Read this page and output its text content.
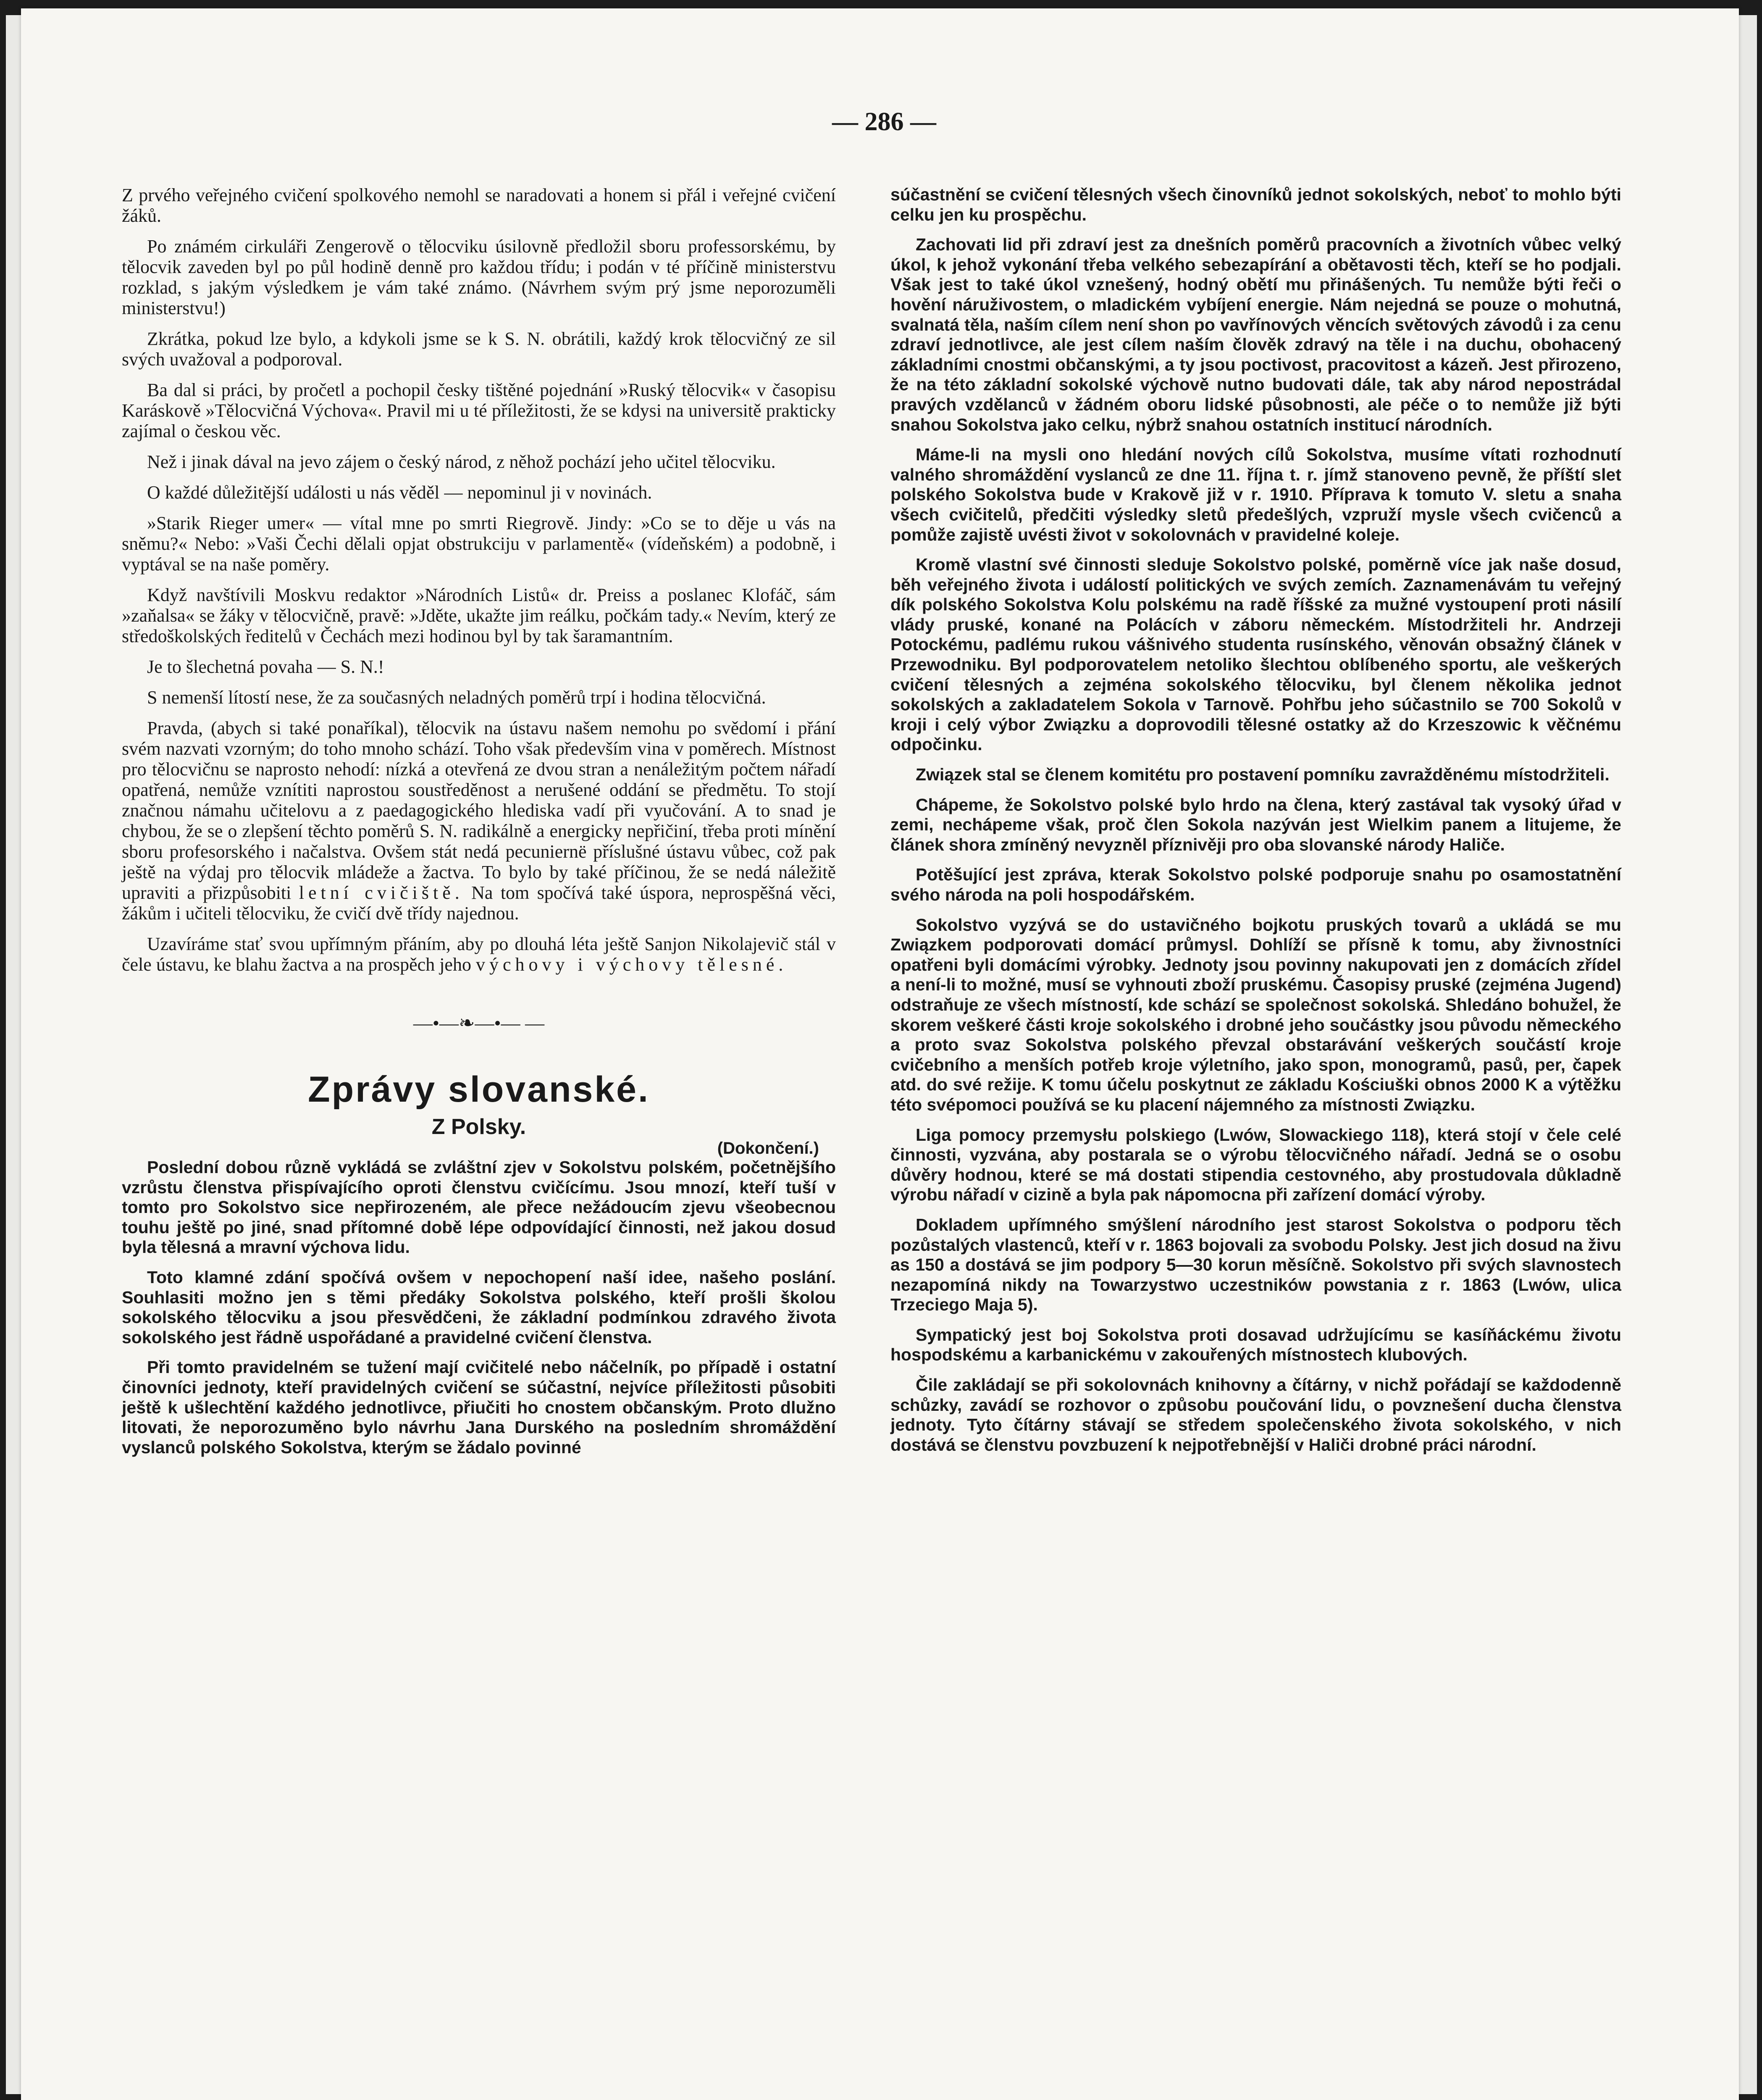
— 286 —

Z prvého veřejného cvičení spolkového nemohl se naradovati a honem si přál i veřejné cvičení žáků.

Po známém cirkuláři Zengerově o tělocviku úsilovně předložil sboru professorskému, by tělocvik zaveden byl po půl hodině denně pro každou třídu; i podán v té příčině ministerstvu rozklad, s jakým výsledkem je vám také známo. (Návrhem svým prý jsme neporozuměli ministerstvu!)

Zkrátka, pokud lze bylo, a kdykoli jsme se k S. N. obrátili, každý krok tělocvičný ze sil svých uvažoval a podporoval.

Ba dal si práci, by pročetl a pochopil česky tištěné pojednání »Ruský tělocvik« v časopisu Karáskově »Tělocvičná Výchova«. Pravil mi u té příležitosti, že se kdysi na universitě prakticky zajímal o českou věc.

Než i jinak dával na jevo zájem o český národ, z něhož pochází jeho učitel tělocviku.

O každé důležitější události u nás věděl — nepominul ji v novinách.

»Starik Rieger umer« — vítal mne po smrti Riegrově. Jindy: »Co se to děje u vás na sněmu?« Nebo: »Vaši Čechi dělali opjat obstrukciju v parlamentě« (vídeňském) a podobně, i vyptával se na naše poměry.

Když navštívili Moskvu redaktor »Národních Listů« dr. Preiss a poslanec Klofáč, sám »zaňalsa« se žáky v tělocvičně, pravě: »Jděte, ukažte jim reálku, počkám tady.« Nevím, který ze středoškolských ředitelů v Čechách mezi hodinou byl by tak šaramantním.

Je to šlechetná povaha — S. N.!

S nemenší lítostí nese, že za současných neladných poměrů trpí i hodina tělocvičná.

Pravda, (abych si také ponaříkal), tělocvik na ústavu našem nemohu po svědomí i přání svém nazvati vzorným; do toho mnoho schází. Toho však především vina v poměrech. Místnost pro tělocvičnu se naprosto nehodí: nízká a otevřená ze dvou stran a nenáležitým počtem nářadí opatřená, nemůže vznítiti naprostou soustředěnost a nerušené oddání se předmětu. To stojí značnou námahu učitelovu a z paedagogického hlediska vadí při vyučování. A to snad je chybou, že se o zlepšení těchto poměrů S. N. radikálně a energicky nepřičiní, třeba proti mínění sboru profesorského i načalstva. Ovšem stát nedá pecuniernë příslušné ústavu vůbec, což pak ještě na výdaj pro tělocvik mládeže a žactva. To bylo by také příčinou, že se nedá náležitě upraviti a přizpůsobiti letní cvičiště. Na tom spočívá také úspora, neprospěšná věci, žákům i učiteli tělocviku, že cvičí dvě třídy najednou.

Uzavíráme stať svou upřímným přáním, aby po dlouhá léta ještě Sanjon Nikolajevič stál v čele ústavu, ke blahu žactva a na prospěch jeho výchovy i výchovy tělesné.

—•—❧—•— —
Zprávy slovanské.
Z Polsky.
(Dokončení.)

Poslední dobou různě vykládá se zvláštní zjev v Sokolstvu polském, početnějšího vzrůstu členstva přispívajícího oproti členstvu cvičícímu. Jsou mnozí, kteří tuší v tomto pro Sokolstvo sice nepřirozeném, ale přece nežádoucím zjevu všeobecnou touhu ještě po jiné, snad přítomné době lépe odpovídající činnosti, než jakou dosud byla tělesná a mravní výchova lidu.

Toto klamné zdání spočívá ovšem v nepochopení naší idee, našeho poslání. Souhlasiti možno jen s těmi předáky Sokolstva polského, kteří prošli školou sokolského tělocviku a jsou přesvědčeni, že základní podmínkou zdravého života sokolského jest řádně uspořádané a pravidelné cvičení členstva.

Při tomto pravidelném se tužení mají cvičitelé nebo náčelník, po případě i ostatní činovníci jednoty, kteří pravidelných cvičení se súčastní, nejvíce příležitosti působiti ještě k ušlechtění každého jednotlivce, přiučiti ho cnostem občanským. Proto dlužno litovati, že neporozuměno bylo návrhu Jana Durského na posledním shromáždění vyslanců polského Sokolstva, kterým se žádalo povinné

súčastnění se cvičení tělesných všech činovníků jednot sokolských, neboť to mohlo býti celku jen ku prospěchu.

Zachovati lid při zdraví jest za dnešních poměrů pracovních a životních vůbec velký úkol, k jehož vykonání třeba velkého sebezapírání a obětavosti těch, kteří se ho podjali. Však jest to také úkol vznešený, hodný obětí mu přinášených. Tu nemůže býti řeči o hovění náruživostem, o mladickém vybíjení energie. Nám nejedná se pouze o mohutná, svalnatá těla, naším cílem není shon po vavřínových věncích světových závodů i za cenu zdraví jednotlivce, ale jest cílem naším člověk zdravý na těle i na duchu, obohacený základními cnostmi občanskými, a ty jsou poctivost, pracovitost a kázeň. Jest přirozeno, že na této základní sokolské výchově nutno budovati dále, tak aby národ nepostrádal pravých vzdělanců v žádném oboru lidské působnosti, ale péče o to nemůže již býti snahou Sokolstva jako celku, nýbrž snahou ostatních institucí národních.

Máme-li na mysli ono hledání nových cílů Sokolstva, musíme vítati rozhodnutí valného shromáždění vyslanců ze dne 11. října t. r. jímž stanoveno pevně, že příští slet polského Sokolstva bude v Krakově již v r. 1910. Příprava k tomuto V. sletu a snaha všech cvičitelů, předčiti výsledky sletů předešlých, vzpruží mysle všech cvičenců a pomůže zajistě uvésti život v sokolovnách v pravidelné koleje.

Kromě vlastní své činnosti sleduje Sokolstvo polské, poměrně více jak naše dosud, běh veřejného života i událostí politických ve svých zemích. Zaznamenávám tu veřejný dík polského Sokolstva Kolu polskému na radě říšské za mužné vystoupení proti násilí vlády pruské, konané na Polácích v záboru německém. Místodržiteli hr. Andrzeji Potockému, padlému rukou vášnivého studenta rusínského, věnován obsažný článek v Przewodniku. Byl podporovatelem netoliko šlechtou oblíbeného sportu, ale veškerých cvičení tělesných a zejména sokolského tělocviku, byl členem několika jednot sokolských a zakladatelem Sokola v Tarnově. Pohřbu jeho súčastnilo se 700 Sokolů v kroji i celý výbor Związku a doprovodili tělesné ostatky až do Krzeszowic k věčnému odpočinku.

Związek stal se členem komitétu pro postavení pomníku zavražděnému místodržiteli.

Chápeme, že Sokolstvo polské bylo hrdo na člena, který zastával tak vysoký úřad v zemi, nechápeme však, proč člen Sokola nazýván jest Wielkim panem a litujeme, že článek shora zmíněný nevyzněl příznivěji pro oba slovanské národy Haliče.

Potěšující jest zpráva, kterak Sokolstvo polské podporuje snahu po osamostatnění svého národa na poli hospodářském.

Sokolstvo vyzývá se do ustavičného bojkotu pruských tovarů a ukládá se mu Związkem podporovati domácí průmysl. Dohlíží se přísně k tomu, aby živnostníci opatřeni byli domácími výrobky. Jednoty jsou povinny nakupovati jen z domácích zřídel a není-li to možné, musí se vyhnouti zboží pruskému. Časopisy pruské (zejména Jugend) odstraňuje ze všech místností, kde schází se společnost sokolská. Shledáno bohužel, že skorem veškeré části kroje sokolského i drobné jeho součástky jsou původu německého a proto svaz Sokolstva polského převzal obstarávání veškerých součástí kroje cvičebního a menších potřeb kroje výletního, jako spon, monogramů, pasů, per, čapek atd. do své režije. K tomu účelu poskytnut ze základu Kościuški obnos 2000 K a výtěžku této svépomoci používá se ku placení nájemného za místnosti Związku.

Liga pomocy przemysłu polskiego (Lwów, Slowackiego 118), která stojí v čele celé činnosti, vyzvána, aby postarala se o výrobu tělocvičného nářadí. Jedná se o osobu důvěry hodnou, které se má dostati stipendia cestovného, aby prostudovala důkladně výrobu nářadí v cizině a byla pak nápomocna při zařízení domácí výroby.

Dokladem upřímného smýšlení národního jest starost Sokolstva o podporu těch pozůstalých vlastenců, kteří v r. 1863 bojovali za svobodu Polsky. Jest jich dosud na živu as 150 a dostává se jim podpory 5—30 korun měsíčně. Sokolstvo při svých slavnostech nezapomíná nikdy na Towarzystwo uczestników powstania z r. 1863 (Lwów, ulica Trzeciego Maja 5).

Sympatický jest boj Sokolstva proti dosavad udržujícímu se kasíňáckému životu hospodskému a karbanickému v zakouřených místnostech klubových.

Čile zakládají se při sokolovnách knihovny a čítárny, v nichž pořádají se každodenně schůzky, zavádí se rozhovor o způsobu poučování lidu, o povznešení ducha členstva jednoty. Tyto čítárny stávají se středem společenského života sokolského, v nich dostává se členstvu povzbuzení k nejpotřebnější v Haliči drobné práci národní.
